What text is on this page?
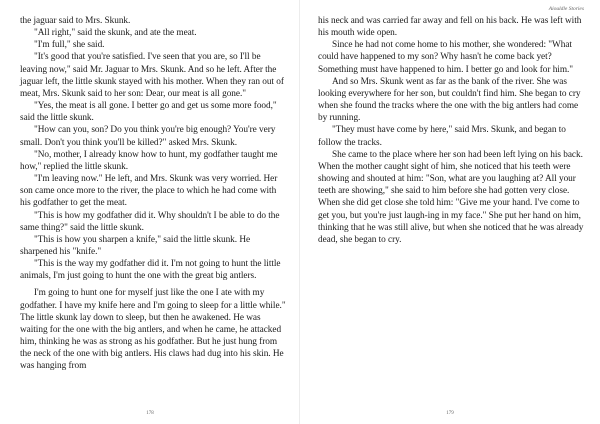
the jaguar said to Mrs. Skunk.

"All right," said the skunk, and ate the meat.

"I'm full," she said.

"It's good that you're satisfied. I've seen that you are, so I'll be leaving now," said Mr. Jaguar to Mrs. Skunk. And so he left. After the jaguar left, the little skunk stayed with his mother. When they ran out of meat, Mrs. Skunk said to her son: Dear, our meat is all gone."

"Yes, the meat is all gone. I better go and get us some more food," said the little skunk.

"How can you, son? Do you think you're big enough? You're very small. Don't you think you'll be killed?" asked Mrs. Skunk.

"No, mother, I already know how to hunt, my godfather taught me how," replied the little skunk.

"I'm leaving now." He left, and Mrs. Skunk was very worried. Her son came once more to the river, the place to which he had come with his godfather to get the meat.

"This is how my godfather did it. Why shouldn't I be able to do the same thing?" said the little skunk.

"This is how you sharpen a knife," said the little skunk. He sharpened his "knife."

"This is the way my godfather did it. I'm not going to hunt the little animals, I'm just going to hunt the one with the great big antlers.

I'm going to hunt one for myself just like the one I ate with my godfather. I have my knife here and I'm going to sleep for a little while." The little skunk lay down to sleep, but then he awakened. He was waiting for the one with the big antlers, and when he came, he attacked him, thinking he was as strong as his godfather. But he just hung from the neck of the one with big antlers. His claws had dug into his skin. He was hanging from

178
Aiouldle Stories

his neck and was carried far away and fell on his back. He was left with his mouth wide open.

Since he had not come home to his mother, she wondered: "What could have happened to my son? Why hasn't he come back yet? Something must have happened to him. I better go and look for him."

And so Mrs. Skunk went as far as the bank of the river. She was looking everywhere for her son, but couldn't find him. She began to cry when she found the tracks where the one with the big antlers had come by running.

"They must have come by here," said Mrs. Skunk, and began to follow the tracks.

She came to the place where her son had been left lying on his back. When the mother caught sight of him, she noticed that his teeth were showing and shouted at him: "Son, what are you laughing at? All your teeth are showing," she said to him before she had gotten very close. When she did get close she told him: "Give me your hand. I've come to get you, but you're just laugh-ing in my face." She put her hand on him, thinking that he was still alive, but when she noticed that he was already dead, she began to cry.

179
